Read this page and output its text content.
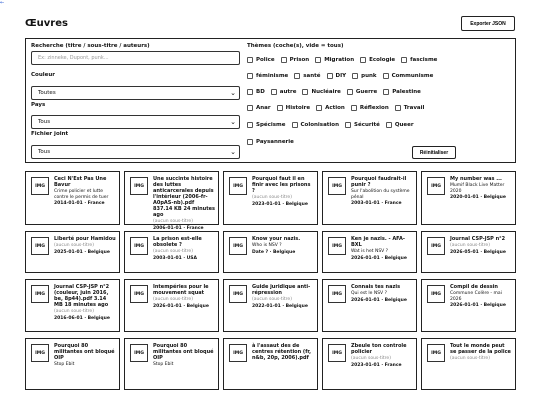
←
Œuvres	Exporter JSON
Recherche (titre / sous-titre / auteurs)
Ex: zinneke, Dupont, punk...
Couleur
Toutes	⌄
Pays
Tous	⌄
Fichier joint
Tous	⌄
Thèmes (coche(s), vide = tous)
Police	Prison	Migration	Ecologie	fascisme
féminisme	santé	DIY	punk	Communisme
BD	autre	Nucléaire	Guerre	Palestine
Anar	Histoire	Action	Réflexion	Travail
Spécisme	Colonisation	Sécurité	Queer
Paysannerie
Réinitialiser
IMG
Ceci N'Est Pas Une Bavur
Crime policier et lutte contre le permis de tuer
2014-01-01 · France
IMG
Une succinte histoire des luttes anticarcerales depuis l'intérieur (2006-fr-A0pAS-nb).pdf 837.14 KB 24 minutes ago
(aucun sous-titre)
2006-01-01 · France
IMG
Pourquoi faut il en finir avec les prisons ?
(aucun sous-titre)
2023-01-01 · Belgique
IMG
Pourquoi faudrait-il punir ?
Sur l'abolition du système pénal
2003-01-01 · France
IMG
My number was ...
Mumif Black Live Matter 2020
2020-01-01 · Belgique
IMG
Liberté pour Hamidou
(aucun sous-titre)
2025-01-01 · Belgique
IMG
La prison est-elle obsolete ?
(aucun sous-titre)
2003-01-01 · USA
IMG
Know your nazis.
Who is NSV ?
Date ? · Belgique
IMG
Ken je nazis. - AFA-BXL
Wat is het NSV ?
2026-01-01 · Belgique
IMG
Journal CSP-JSP n°2
(aucun sous-titre)
2026-05-01 · Belgique
IMG
Journal CSP-JSP n°2 (couleur, juin 2016, be, 8p44).pdf 3.14 MB 18 minutes ago
(aucun sous-titre)
2016-06-01 · Belgique
IMG
Intempéries pour le mouvement squat
(aucun sous-titre)
2026-01-01 · Belgique
IMG
Guide juridique anti-répression
(aucun sous-titre)
2022-01-01 · Belgique
IMG
Connais tes nazis
Qui est le NSV ?
2026-01-01 · Belgique
IMG
Compil de dessin
Commune Colère - mai 2026
2026-01-01 · Belgique
IMG
Pourquoi 80 militantes ont bloqué OIP
Stop Ebit
IMG
Pourquoi 80 militantes ont bloqué OIP
Stop Ebit
IMG
à l'assaut des de centres rétention (fr, n&b, 20p, 2006).pdf
IMG
Zbeule ton controle policier
(aucun sous-titre)
2023-01-01 · France
IMG
Tout le monde peut se passer de la police
(aucun sous-titre)
